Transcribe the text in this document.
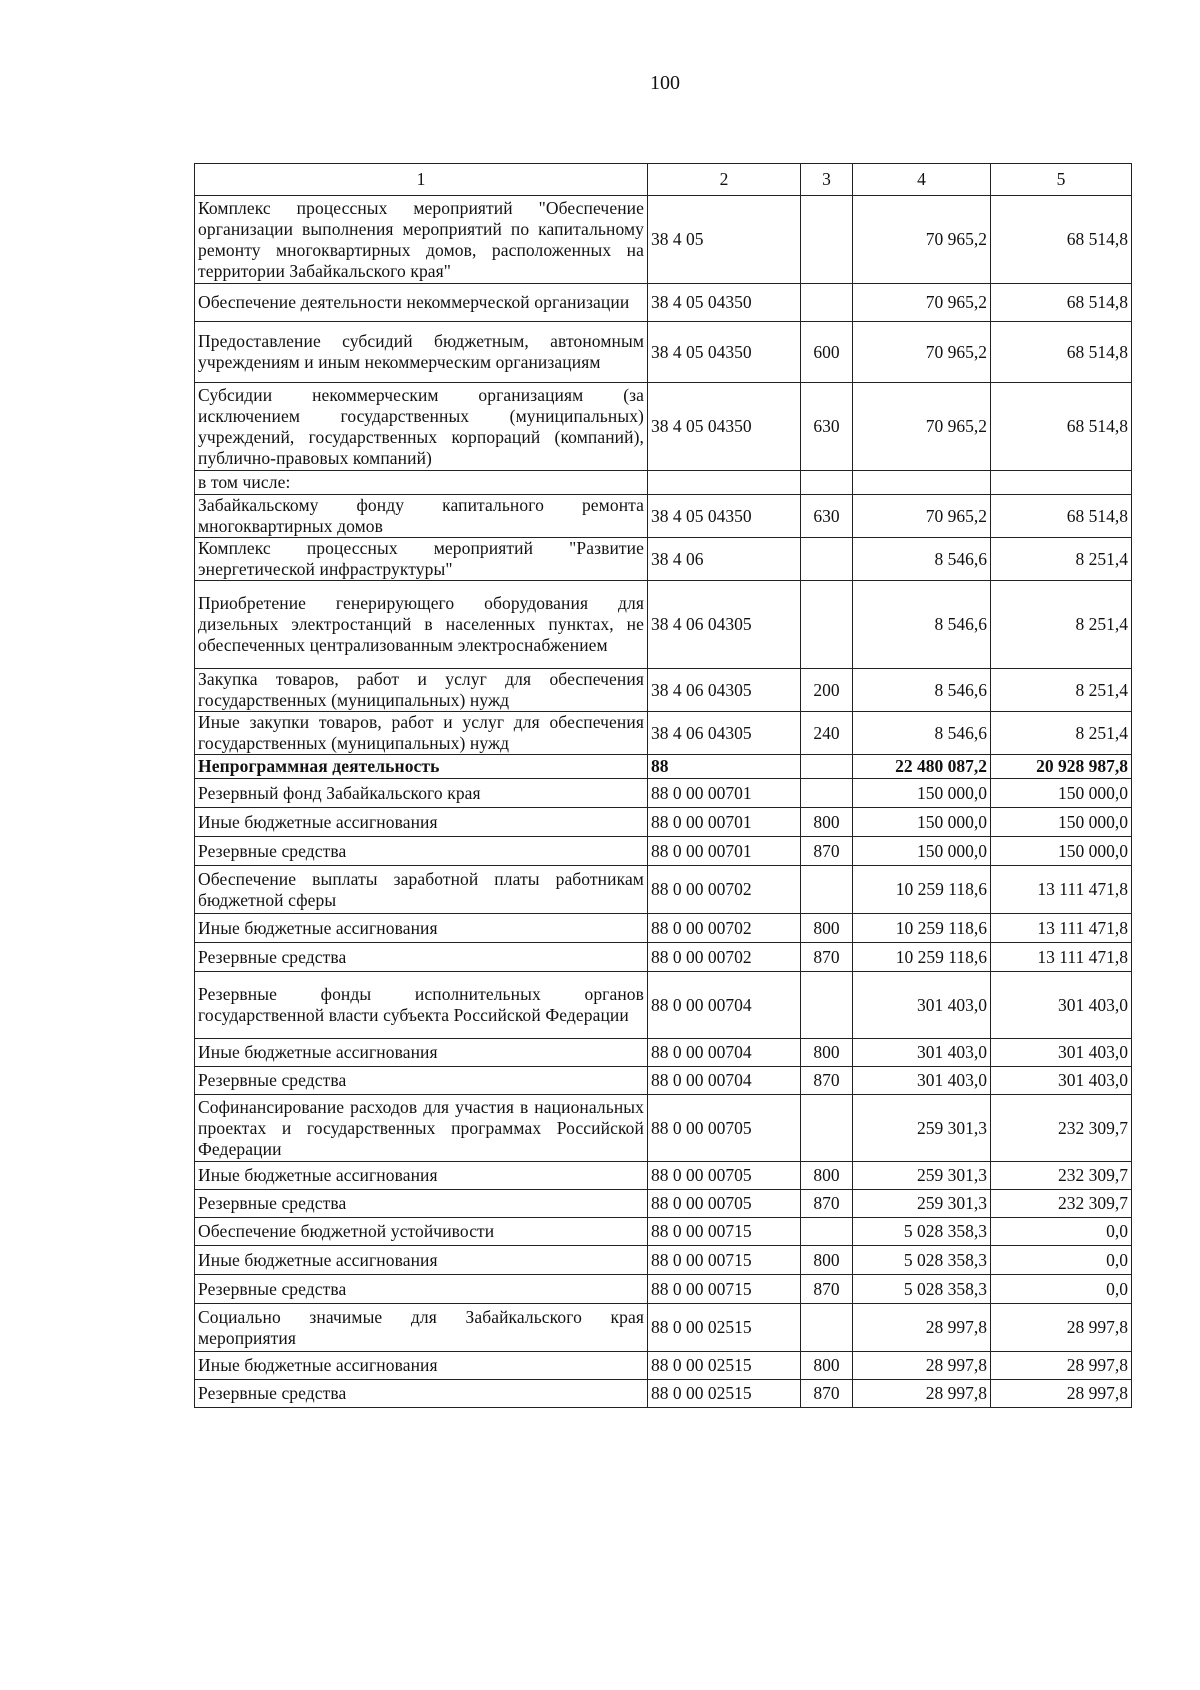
100
1	2	3	4	5
Комплекс процессных мероприятий "Обеспечение организации выполнения мероприятий по капитальному ремонту многоквартирных домов, расположенных на территории Забайкальского края"	38 4 05		70 965,2	68 514,8
Обеспечение деятельности некоммерческой организации	38 4 05 04350		70 965,2	68 514,8
Предоставление субсидий бюджетным, автономным учреждениям и иным некоммерческим организациям	38 4 05 04350	600	70 965,2	68 514,8
Субсидии некоммерческим организациям (за исключением государственных (муниципальных) учреждений, государственных корпораций (компаний), публично-правовых компаний)	38 4 05 04350	630	70 965,2	68 514,8
в том числе:				
Забайкальскому фонду капитального ремонта многоквартирных домов	38 4 05 04350	630	70 965,2	68 514,8
Комплекс процессных мероприятий "Развитие энергетической инфраструктуры"	38 4 06		8 546,6	8 251,4
Приобретение генерирующего оборудования для дизельных электростанций в населенных пунктах, не обеспеченных централизованным электроснабжением	38 4 06 04305		8 546,6	8 251,4
Закупка товаров, работ и услуг для обеспечения государственных (муниципальных) нужд	38 4 06 04305	200	8 546,6	8 251,4
Иные закупки товаров, работ и услуг для обеспечения государственных (муниципальных) нужд	38 4 06 04305	240	8 546,6	8 251,4
Непрограммная деятельность	88		22 480 087,2	20 928 987,8
Резервный фонд Забайкальского края	88 0 00 00701		150 000,0	150 000,0
Иные бюджетные ассигнования	88 0 00 00701	800	150 000,0	150 000,0
Резервные средства	88 0 00 00701	870	150 000,0	150 000,0
Обеспечение выплаты заработной платы работникам бюджетной сферы	88 0 00 00702		10 259 118,6	13 111 471,8
Иные бюджетные ассигнования	88 0 00 00702	800	10 259 118,6	13 111 471,8
Резервные средства	88 0 00 00702	870	10 259 118,6	13 111 471,8
Резервные фонды исполнительных органов государственной власти субъекта Российской Федерации	88 0 00 00704		301 403,0	301 403,0
Иные бюджетные ассигнования	88 0 00 00704	800	301 403,0	301 403,0
Резервные средства	88 0 00 00704	870	301 403,0	301 403,0
Софинансирование расходов для участия в национальных проектах и государственных программах Российской Федерации	88 0 00 00705		259 301,3	232 309,7
Иные бюджетные ассигнования	88 0 00 00705	800	259 301,3	232 309,7
Резервные средства	88 0 00 00705	870	259 301,3	232 309,7
Обеспечение бюджетной устойчивости	88 0 00 00715		5 028 358,3	0,0
Иные бюджетные ассигнования	88 0 00 00715	800	5 028 358,3	0,0
Резервные средства	88 0 00 00715	870	5 028 358,3	0,0
Социально значимые для Забайкальского края мероприятия	88 0 00 02515		28 997,8	28 997,8
Иные бюджетные ассигнования	88 0 00 02515	800	28 997,8	28 997,8
Резервные средства	88 0 00 02515	870	28 997,8	28 997,8
